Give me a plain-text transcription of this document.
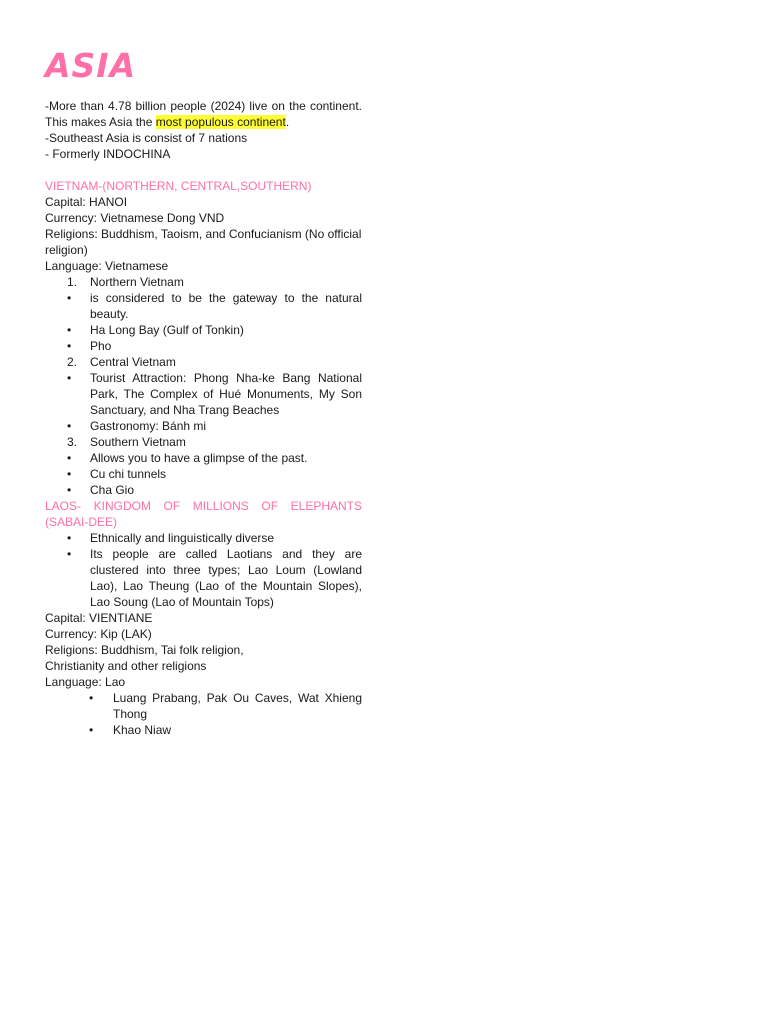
ASIA

-More than 4.78 billion people (2024) live on the continent. This makes Asia the most populous continent.

-Southeast Asia is consist of 7 nations

- Formerly INDOCHINA

VIETNAM-(NORTHERN, CENTRAL,SOUTHERN)

Capital: HANOI

Currency: Vietnamese Dong VND

Religions: Buddhism, Taoism, and Confucianism (No official religion)

Language: Vietnamese

1. Northern Vietnam
• is considered to be the gateway to the natural beauty.
• Ha Long Bay (Gulf of Tonkin)
• Pho
2. Central Vietnam
• Tourist Attraction: Phong Nha-ke Bang National Park, The Complex of Hué Monuments, My Son Sanctuary, and Nha Trang Beaches
• Gastronomy: Bánh mi
3. Southern Vietnam
• Allows you to have a glimpse of the past.
• Cu chi tunnels
• Cha Gio

LAOS- KINGDOM OF MILLIONS OF ELEPHANTS (SABAI-DEE)

• Ethnically and linguistically diverse
• Its people are called Laotians and they are clustered into three types; Lao Loum (Lowland Lao), Lao Theung (Lao of the Mountain Slopes), Lao Soung (Lao of Mountain Tops)

Capital: VIENTIANE

Currency: Kip (LAK)

Religions: Buddhism, Tai folk religion,

Christianity and other religions

Language: Lao

• Luang Prabang, Pak Ou Caves, Wat Xhieng Thong
• Khao Niaw
